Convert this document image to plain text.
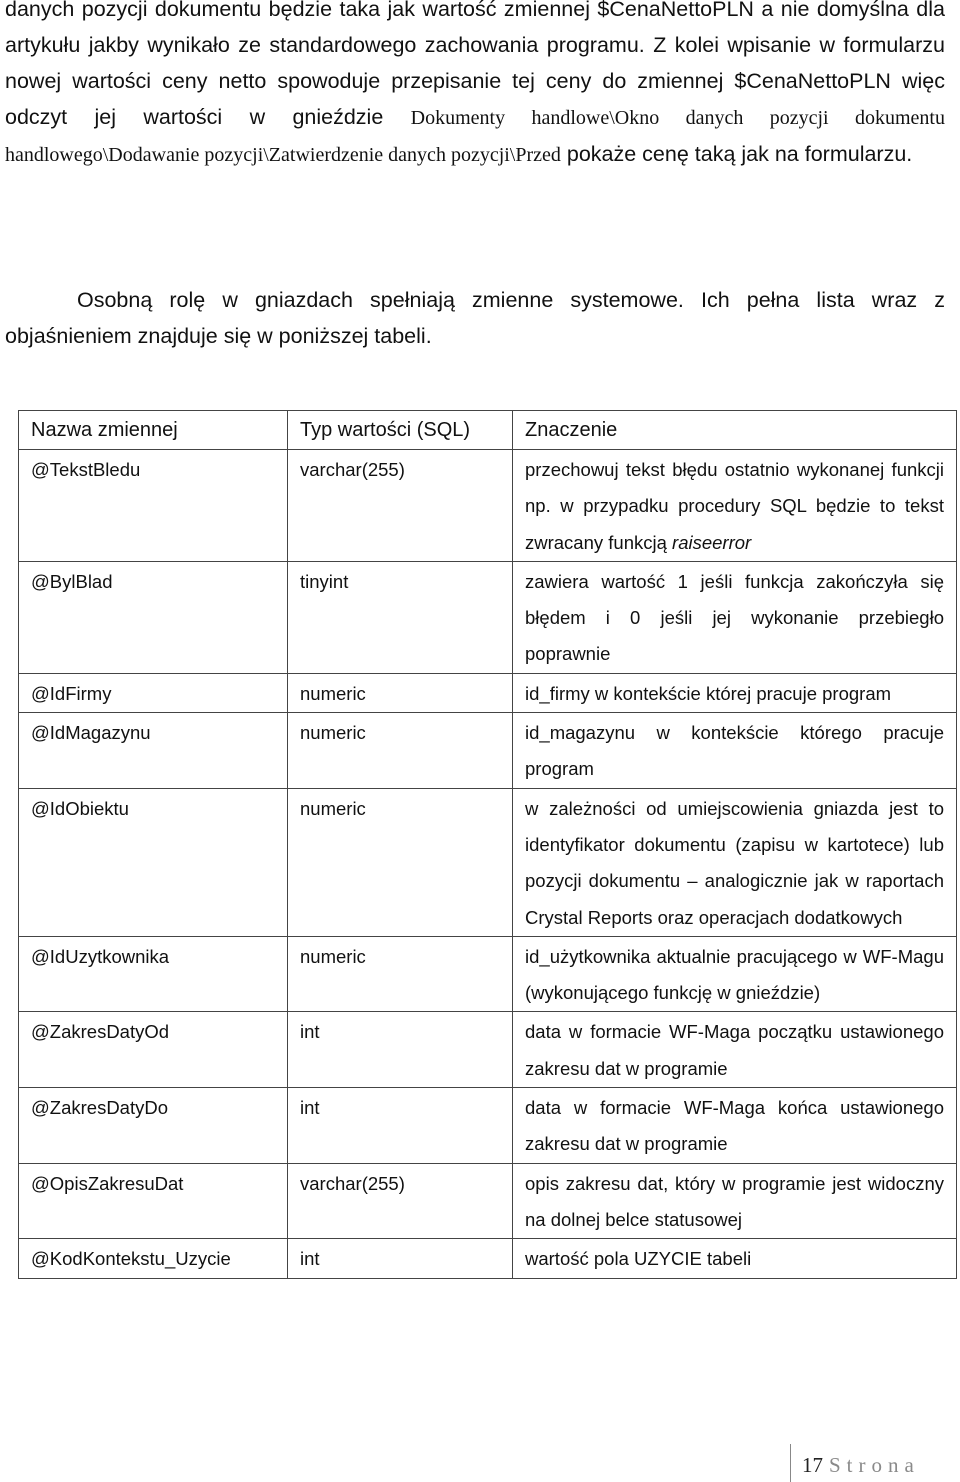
danych pozycji dokumentu będzie taka jak wartość zmiennej $CenaNettoPLN a nie domyślna dla artykułu jakby wynikało ze standardowego zachowania programu. Z kolei wpisanie w formularzu nowej wartości ceny netto spowoduje przepisanie tej ceny do zmiennej $CenaNettoPLN więc odczyt jej wartości w gnieździe Dokumenty handlowe\Okno danych pozycji dokumentu handlowego\Dodawanie pozycji\Zatwierdzenie danych pozycji\Przed pokaże cenę taką jak na formularzu.
Osobną rolę w gniazdach spełniają zmienne systemowe. Ich pełna lista wraz z objaśnieniem znajduje się w poniższej tabeli.
Nazwa zmiennej	Typ wartości (SQL)	Znaczenie
@TekstBledu	varchar(255)	przechowuj tekst błędu ostatnio wykonanej funkcji np. w przypadku procedury SQL będzie to tekst zwracany funkcją raiseerror
@BylBlad	tinyint	zawiera wartość 1 jeśli funkcja zakończyła się błędem i 0 jeśli jej wykonanie przebiegło poprawnie
@IdFirmy	numeric	id_firmy w kontekście której pracuje program
@IdMagazynu	numeric	id_magazynu w kontekście którego pracuje program
@IdObiektu	numeric	w zależności od umiejscowienia gniazda jest to identyfikator dokumentu (zapisu w kartotece) lub pozycji dokumentu – analogicznie jak w raportach Crystal Reports oraz operacjach dodatkowych
@IdUzytkownika	numeric	id_użytkownika aktualnie pracującego w WF-Magu (wykonującego funkcję w gnieździe)
@ZakresDatyOd	int	data w formacie WF-Maga początku ustawionego zakresu dat w programie
@ZakresDatyDo	int	data w formacie WF-Maga końca ustawionego zakresu dat w programie
@OpisZakresuDat	varchar(255)	opis zakresu dat, który w programie jest widoczny na dolnej belce statusowej
@KodKontekstu_Uzycie	int	wartość pola UZYCIE tabeli
17 Strona
